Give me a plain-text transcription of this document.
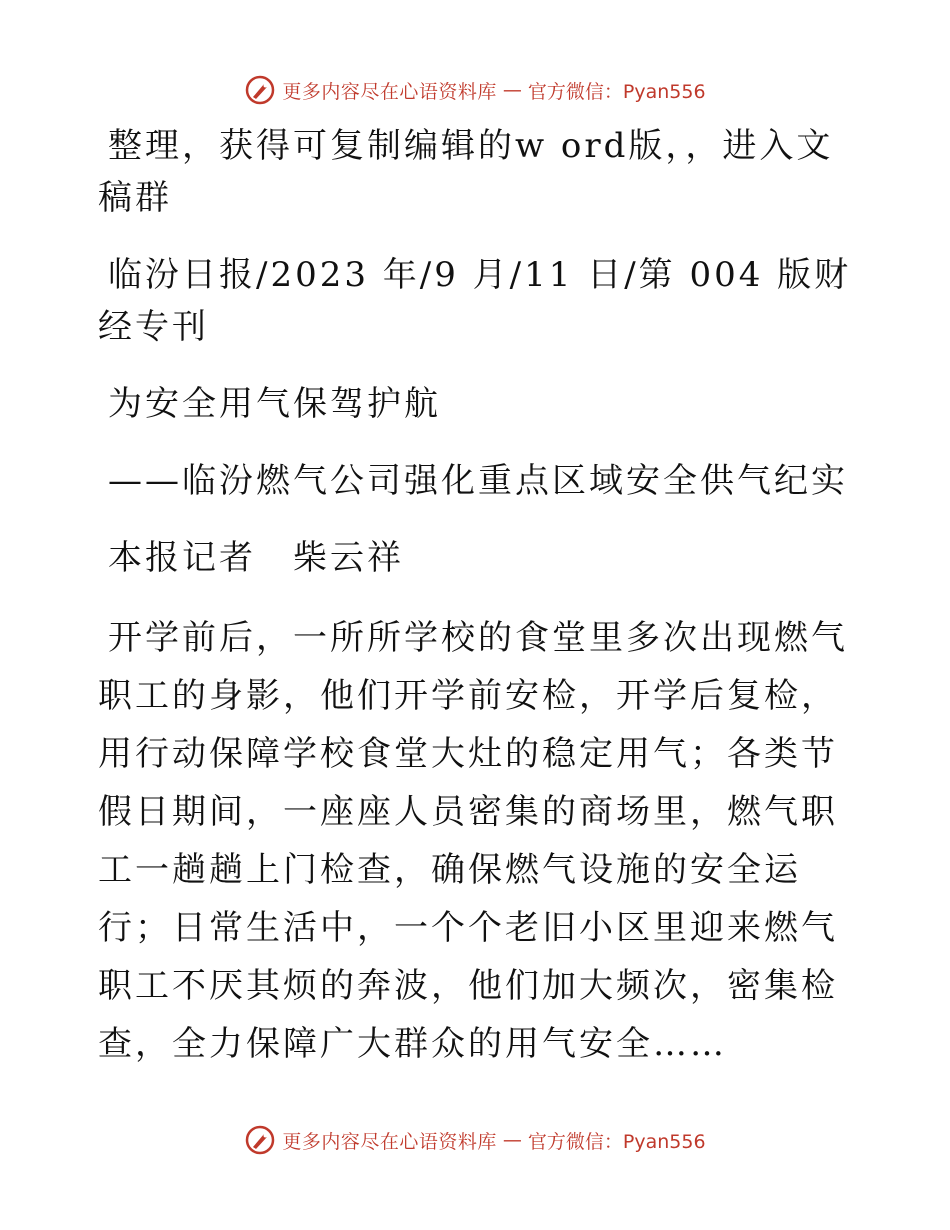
更多内容尽在心语资料库 — 官方微信：Pyan556

整理，获得可复制编辑的w ord版，，进入文稿群

临汾日报/2023 年/9 月/11 日/第 004 版财经专刊

为安全用气保驾护航

——临汾燃气公司强化重点区域安全供气纪实

本报记者　柴云祥

开学前后，一所所学校的食堂里多次出现燃气职工的身影，他们开学前安检，开学后复检，用行动保障学校食堂大灶的稳定用气；各类节假日期间，一座座人员密集的商场里，燃气职工一趟趟上门检查，确保燃气设施的安全运行；日常生活中，一个个老旧小区里迎来燃气职工不厌其烦的奔波，他们加大频次，密集检查，全力保障广大群众的用气安全……

更多内容尽在心语资料库 — 官方微信：Pyan556
